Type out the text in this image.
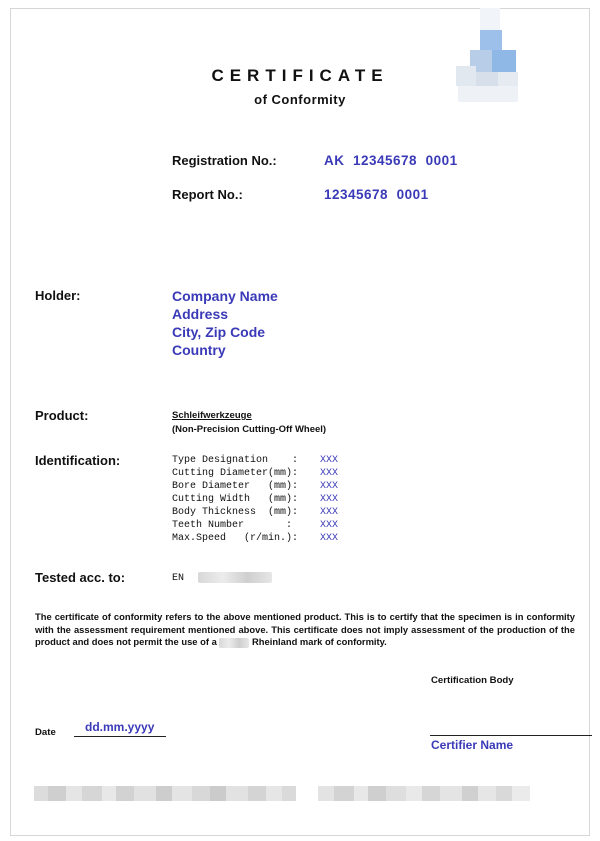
CERTIFICATE
of Conformity
Registration No.:	AK  12345678  0001
Report No.:	12345678  0001
Holder:	Company Name
Address
City, Zip Code
Country
Product:	Schleifwerkzeuge
(Non-Precision Cutting-Off Wheel)
Identification:	Type Designation    :	XXX
Cutting Diameter(mm):	XXX
Bore Diameter   (mm):	XXX
Cutting Width   (mm):	XXX
Body Thickness  (mm):	XXX
Teeth Number       :	XXX
Max.Speed   (r/min.):	XXX
Tested acc. to:	EN
The certificate of conformity refers to the above mentioned product. This is to certify that the specimen is in conformity with the assessment requirement mentioned above. This certificate does not imply assessment of the production of the product and does not permit the use of a	Rheinland mark of conformity.
Certification Body
Date dd.mm.yyyy
Certifier Name
